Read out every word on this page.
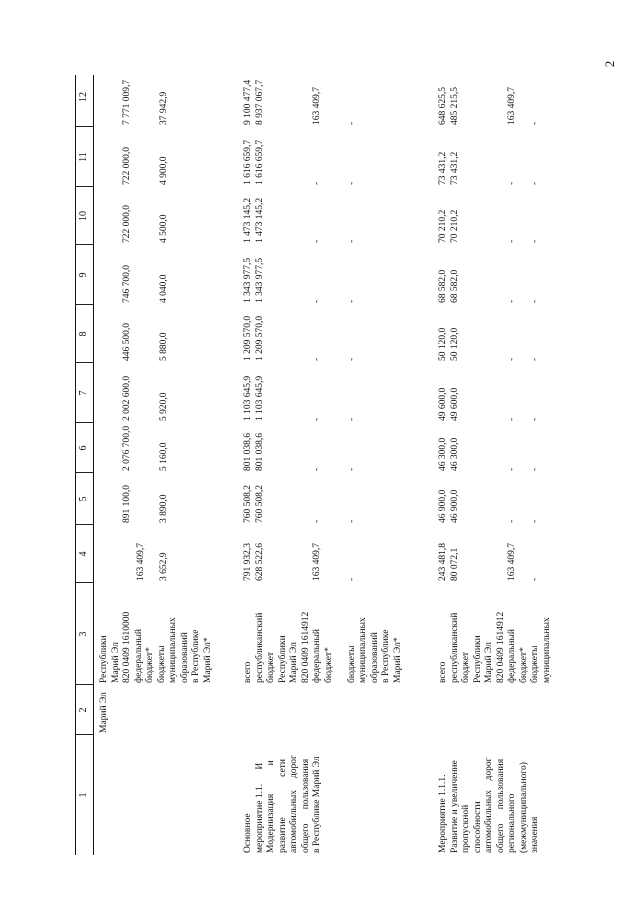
2
1
2
3
4
5
6
7
8
9
10
11
12
Марий Эл
Республики Марий Эл 820 0409 1610000 федеральный бюджет* бюджеты муниципальных образований в Республике Марий Эл*
891 100,0
2 076 700,0
2 002 600,0
446 500,0
746 700,0
722 000,0
722 000,0
7 771 009,7
163 409,7 3 652,9
3 890,0
5 160,0
5 920,0
5 880,0
4 040,0
4 500,0
4 900,0
37 942,9
Основное мероприятие 1.1.      И Модернизация            и развитие                 сети автомобильных     дорог общего      пользования в Республике Марий Эл
всего республиканский бюджет Республики Марий Эл 820 0409 1614912 федеральный бюджет* бюджеты муниципальных образований в Республике Марий Эл*
791 932,3
760 508,2
801 038,6
1 103 645,9
1 209 570,0
1 343 977,5
1 473 145,2
1 616 659,7
9 100 477,4
628 522,6
760 508,2
801 038,6
1 103 645,9
1 209 570,0
1 343 977,5
1 473 145,2
1 616 659,7
8 937 067,7
163 409,7
-
-
-
-
-
-
-
163 409,7
-
-
-
-
-
-
-
-
-
Мероприятие 1.1.1. Развитие и увеличение пропускной способности автомобильных    дорог общего      пользования регионального (межмуниципального) значения
всего республиканский бюджет Республики Марий Эл 820 0409 1614912 федеральный бюджет* бюджеты муниципальных
243 481,8
46 900,0
46 300,0
49 600,0
50 120,0
68 582,0
70 210,2
73 431,2
648 625,5
80 072,1
46 900,0
46 300,0
49 600,0
50 120,0
68 582,0
70 210,2
73 431,2
485 215,5
163 409,7
-
-
-
-
-
-
-
163 409,7
-
-
-
-
-
-
-
-
-
